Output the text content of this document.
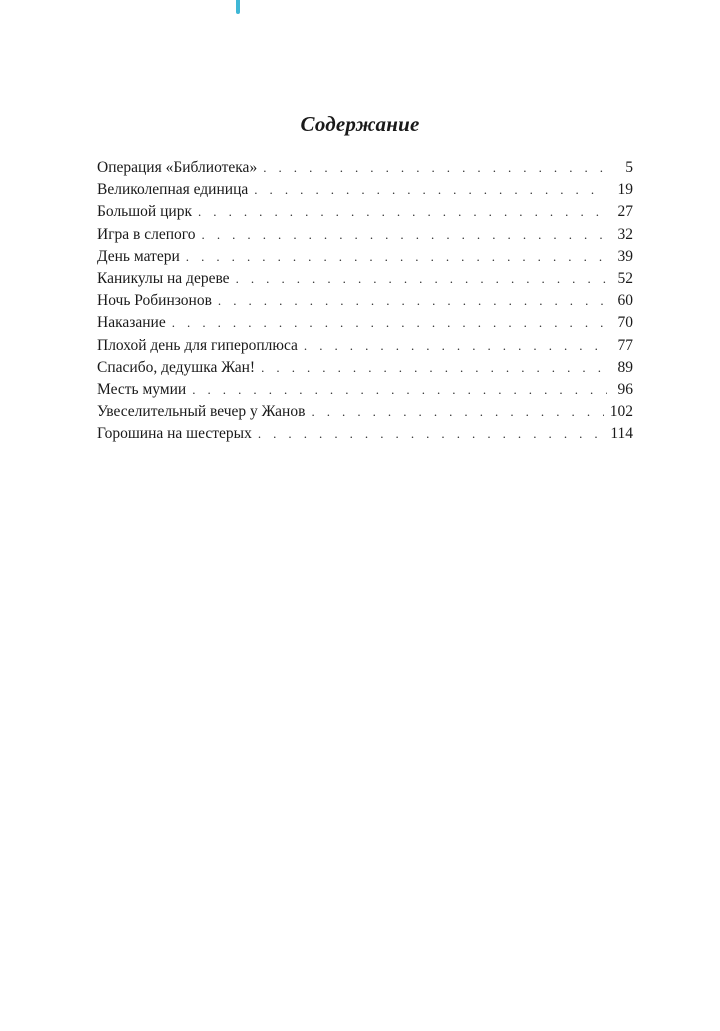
Содержание
Операция «Библиотека» . . .	5
Великолепная единица . . .	19
Большой цирк . . .	27
Игра в слепого . . .	32
День матери . . .	39
Каникулы на дереве . . .	52
Ночь Робинзонов . . .	60
Наказание . . .	70
Плохой день для гипероплюса . . .	77
Спасибо, дедушка Жан! . . .	89
Месть мумии . . .	96
Увеселительный вечер у Жанов . . .	102
Горошина на шестерых . . .	114
